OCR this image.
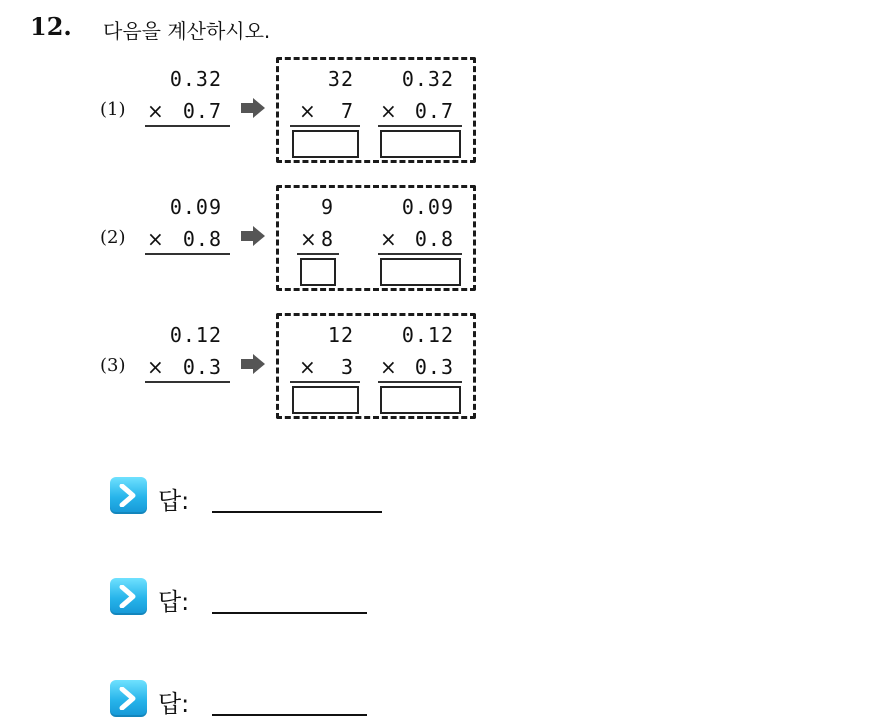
12. 다음을 계산하시오.
(1)
0.32
× 0.7
32
×	7
0.32
× 0.7
(2)
0.09
× 0.8
9
× 8
0.09
× 0.8
(3)
0.12
× 0.3
12
×	3
0.12
× 0.3
답:
답:
답:
